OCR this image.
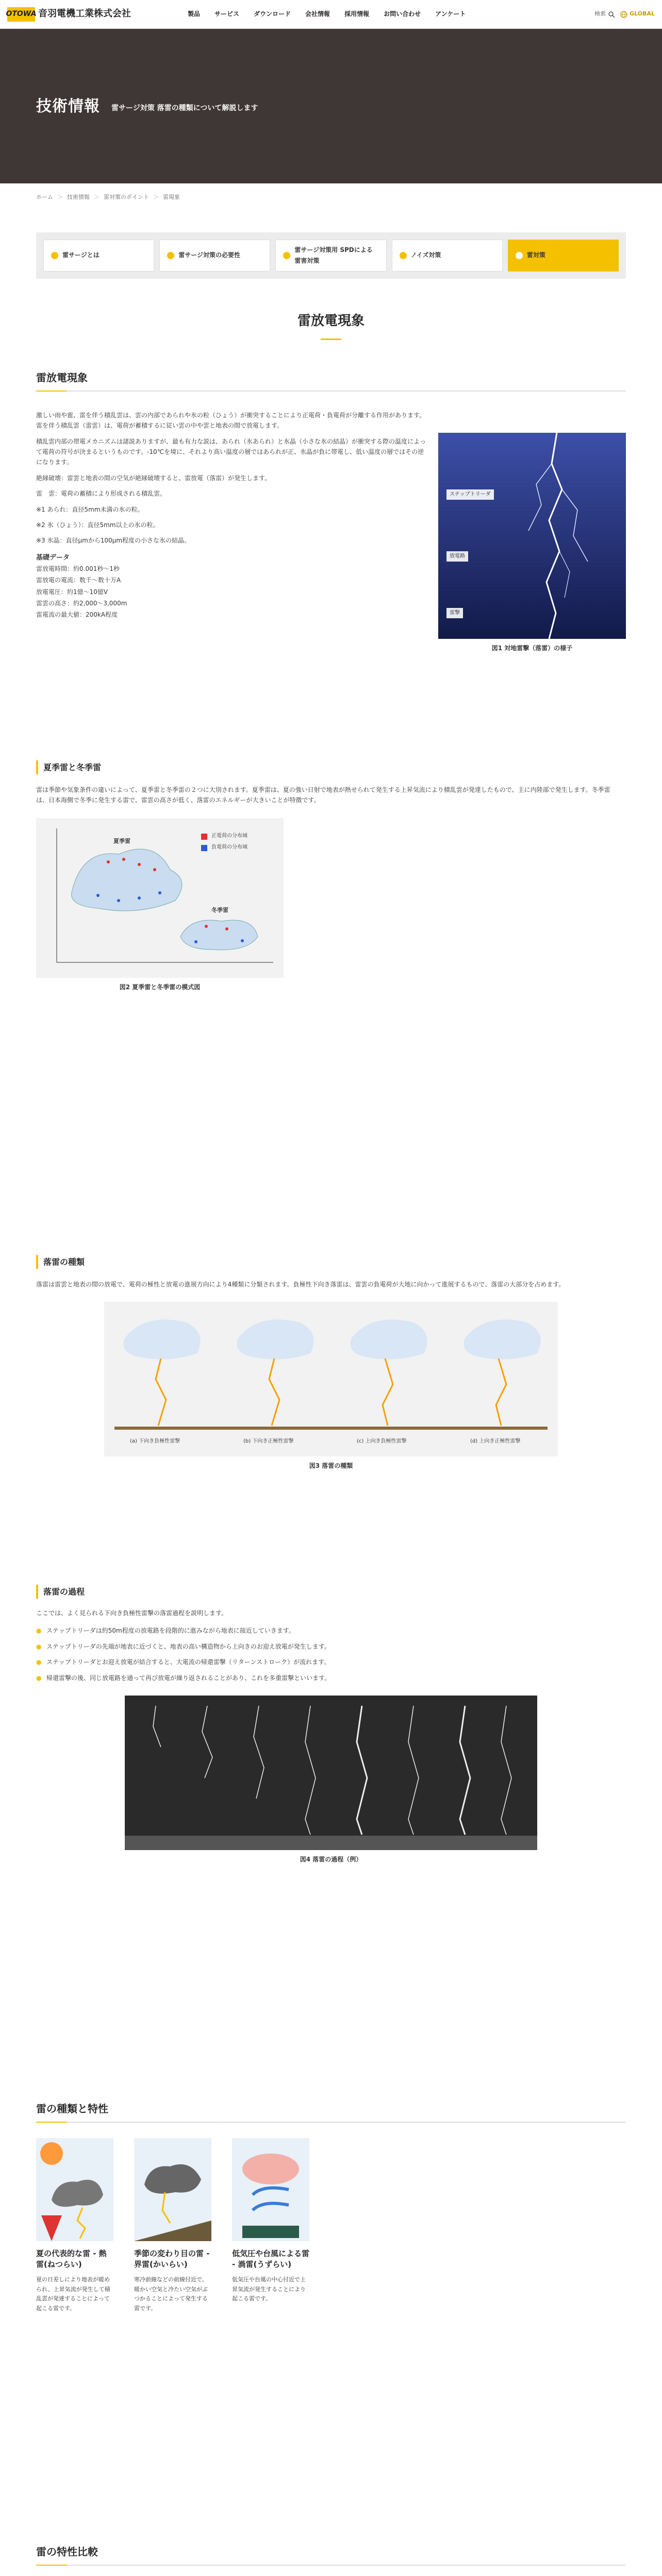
OTOWA 音羽電機工業株式会社	製品 サービス ダウンロード 会社情報 採用情報 お問い合わせ アンケート	検索	GLOBAL
技術情報 雷サージ対策 落雷の種類について解説します
ホーム ＞ 技術情報 ＞ 雷対策のポイント ＞ 雷現象
雷サージとは	雷サージ対策の必要性
雷サージ対策用 SPDによる雷害対策
ノイズ対策	雷対策
雷放電現象
雷放電現象

激しい雨や雹、雷を伴う積乱雲は、雲の内部であられや氷の粒（ひょう）が衝突することにより正電荷・負電荷が分離する作用があります。雷を伴う積乱雲（雷雲）は、電荷が蓄積するに従い雲の中や雲と地表の間で放電します。

積乱雲内部の帯電メカニズムは諸説ありますが、最も有力な説は、あられ（氷あられ）と氷晶（小さな氷の結晶）が衝突する際の温度によって電荷の符号が決まるというものです。-10℃を境に、それより高い温度の層ではあられが正、氷晶が負に帯電し、低い温度の層ではその逆になります。

絶縁破壊：雷雲と地表の間の空気が絶縁破壊すると、雷放電（落雷）が発生します。

雷　雲：電荷の蓄積により形成される積乱雲。

※1 あられ：直径5mm未満の氷の粒。

※2 氷（ひょう）：直径5mm以上の氷の粒。

※3 氷晶：直径μmから100μm程度の小さな氷の結晶。

基礎データ

雷放電時間：約0.001秒〜1秒

雷放電の電流：数千〜数十万A

放電電圧：約1億〜10億V

雷雲の高さ：約2,000〜3,000m

雷電流の最大値：200kA程度

ステップトリーダ
放電路
雷撃
図1 対地雷撃（落雷）の様子
夏季雷と冬季雷

雷は季節や気象条件の違いによって、夏季雷と冬季雷の２つに大別されます。夏季雷は、夏の強い日射で地表が熱せられて発生する上昇気流により積乱雲が発達したもので、主に内陸部で発生します。冬季雷は、日本海側で冬季に発生する雷で、雷雲の高さが低く、落雷のエネルギーが大きいことが特徴です。

正電荷の分布域
負電荷の分布域
夏季雷
冬季雷
図2 夏季雷と冬季雷の模式図
落雷の種類

落雷は雷雲と地表の間の放電で、電荷の極性と放電の進展方向により4種類に分類されます。負極性下向き落雷は、雷雲の負電荷が大地に向かって進展するもので、落雷の大部分を占めます。

(a) 下向き負極性雷撃	(b) 下向き正極性雷撃	(c) 上向き負極性雷撃	(d) 上向き正極性雷撃
図3 落雷の種類
落雷の過程

ここでは、よく見られる下向き負極性雷撃の落雷過程を説明します。

● ステップトリーダは約50m程度の放電路を段階的に進みながら地表に接近していきます。
● ステップトリーダの先端が地表に近づくと、地表の高い構造物から上向きのお迎え放電が発生します。
● ステップトリーダとお迎え放電が結合すると、大電流の帰還雷撃（リターンストローク）が流れます。
● 帰還雷撃の後、同じ放電路を通って再び放電が繰り返されることがあり、これを多重雷撃といいます。
図4 落雷の過程（例）
雷の種類と特性
夏の代表的な雷 - 熱雷(ねつらい)
夏の日差しにより地表が暖められ、上昇気流が発生して積乱雲が発達することによって起こる雷です。
季節の変わり目の雷 - 界雷(かいらい)
寒冷前線などの前線付近で、暖かい空気と冷たい空気がぶつかることによって発生する雷です。
低気圧や台風による雷 - 渦雷(うずらい)
低気圧や台風の中心付近で上昇気流が発生することにより起こる雷です。
雷の特性比較
